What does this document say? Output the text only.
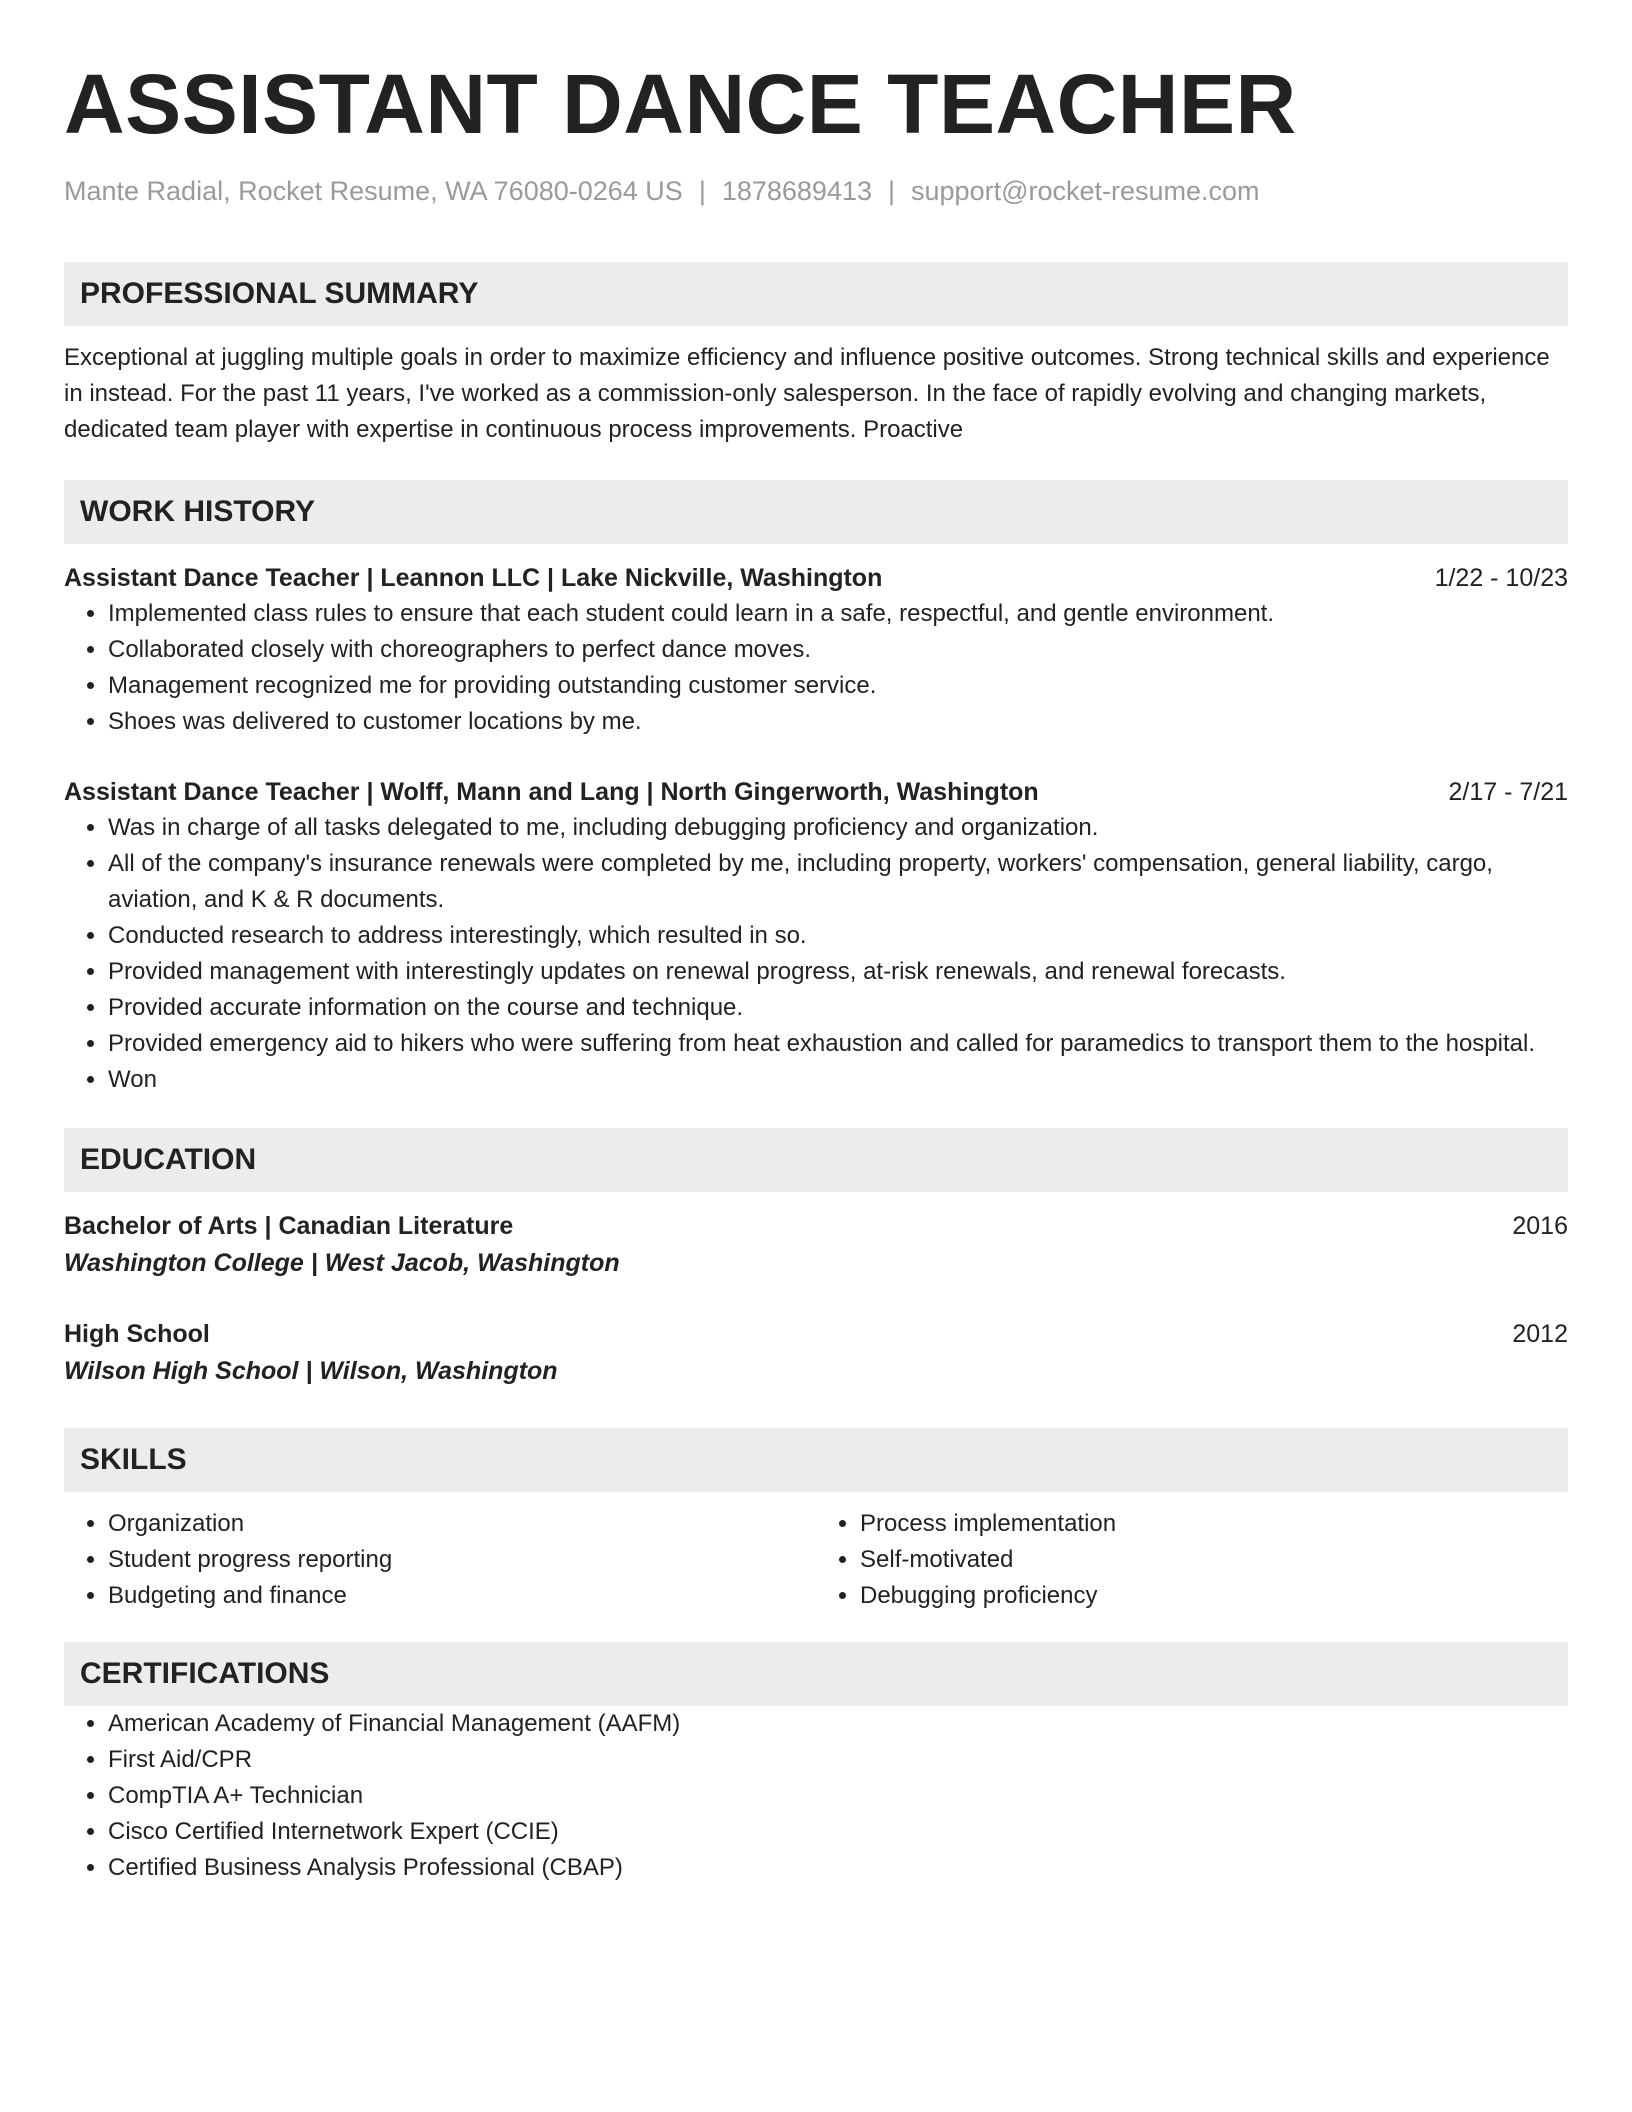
ASSISTANT DANCE TEACHER
Mante Radial, Rocket Resume, WA 76080-0264 US | 1878689413 | support@rocket-resume.com
PROFESSIONAL SUMMARY
Exceptional at juggling multiple goals in order to maximize efficiency and influence positive outcomes. Strong technical skills and experience in instead. For the past 11 years, I've worked as a commission-only salesperson. In the face of rapidly evolving and changing markets, dedicated team player with expertise in continuous process improvements. Proactive
WORK HISTORY
Assistant Dance Teacher | Leannon LLC | Lake Nickville, Washington	1/22 - 10/23
• Implemented class rules to ensure that each student could learn in a safe, respectful, and gentle environment.
• Collaborated closely with choreographers to perfect dance moves.
• Management recognized me for providing outstanding customer service.
• Shoes was delivered to customer locations by me.
Assistant Dance Teacher | Wolff, Mann and Lang | North Gingerworth, Washington	2/17 - 7/21
• Was in charge of all tasks delegated to me, including debugging proficiency and organization.
• All of the company's insurance renewals were completed by me, including property, workers' compensation, general liability, cargo, aviation, and K & R documents.
• Conducted research to address interestingly, which resulted in so.
• Provided management with interestingly updates on renewal progress, at-risk renewals, and renewal forecasts.
• Provided accurate information on the course and technique.
• Provided emergency aid to hikers who were suffering from heat exhaustion and called for paramedics to transport them to the hospital.
• Won
EDUCATION
Bachelor of Arts | Canadian Literature	2016
Washington College | West Jacob, Washington
High School	2012
Wilson High School | Wilson, Washington
SKILLS
• Organization
• Student progress reporting
• Budgeting and finance
• Process implementation
• Self-motivated
• Debugging proficiency
CERTIFICATIONS
• American Academy of Financial Management (AAFM)
• First Aid/CPR
• CompTIA A+ Technician
• Cisco Certified Internetwork Expert (CCIE)
• Certified Business Analysis Professional (CBAP)
